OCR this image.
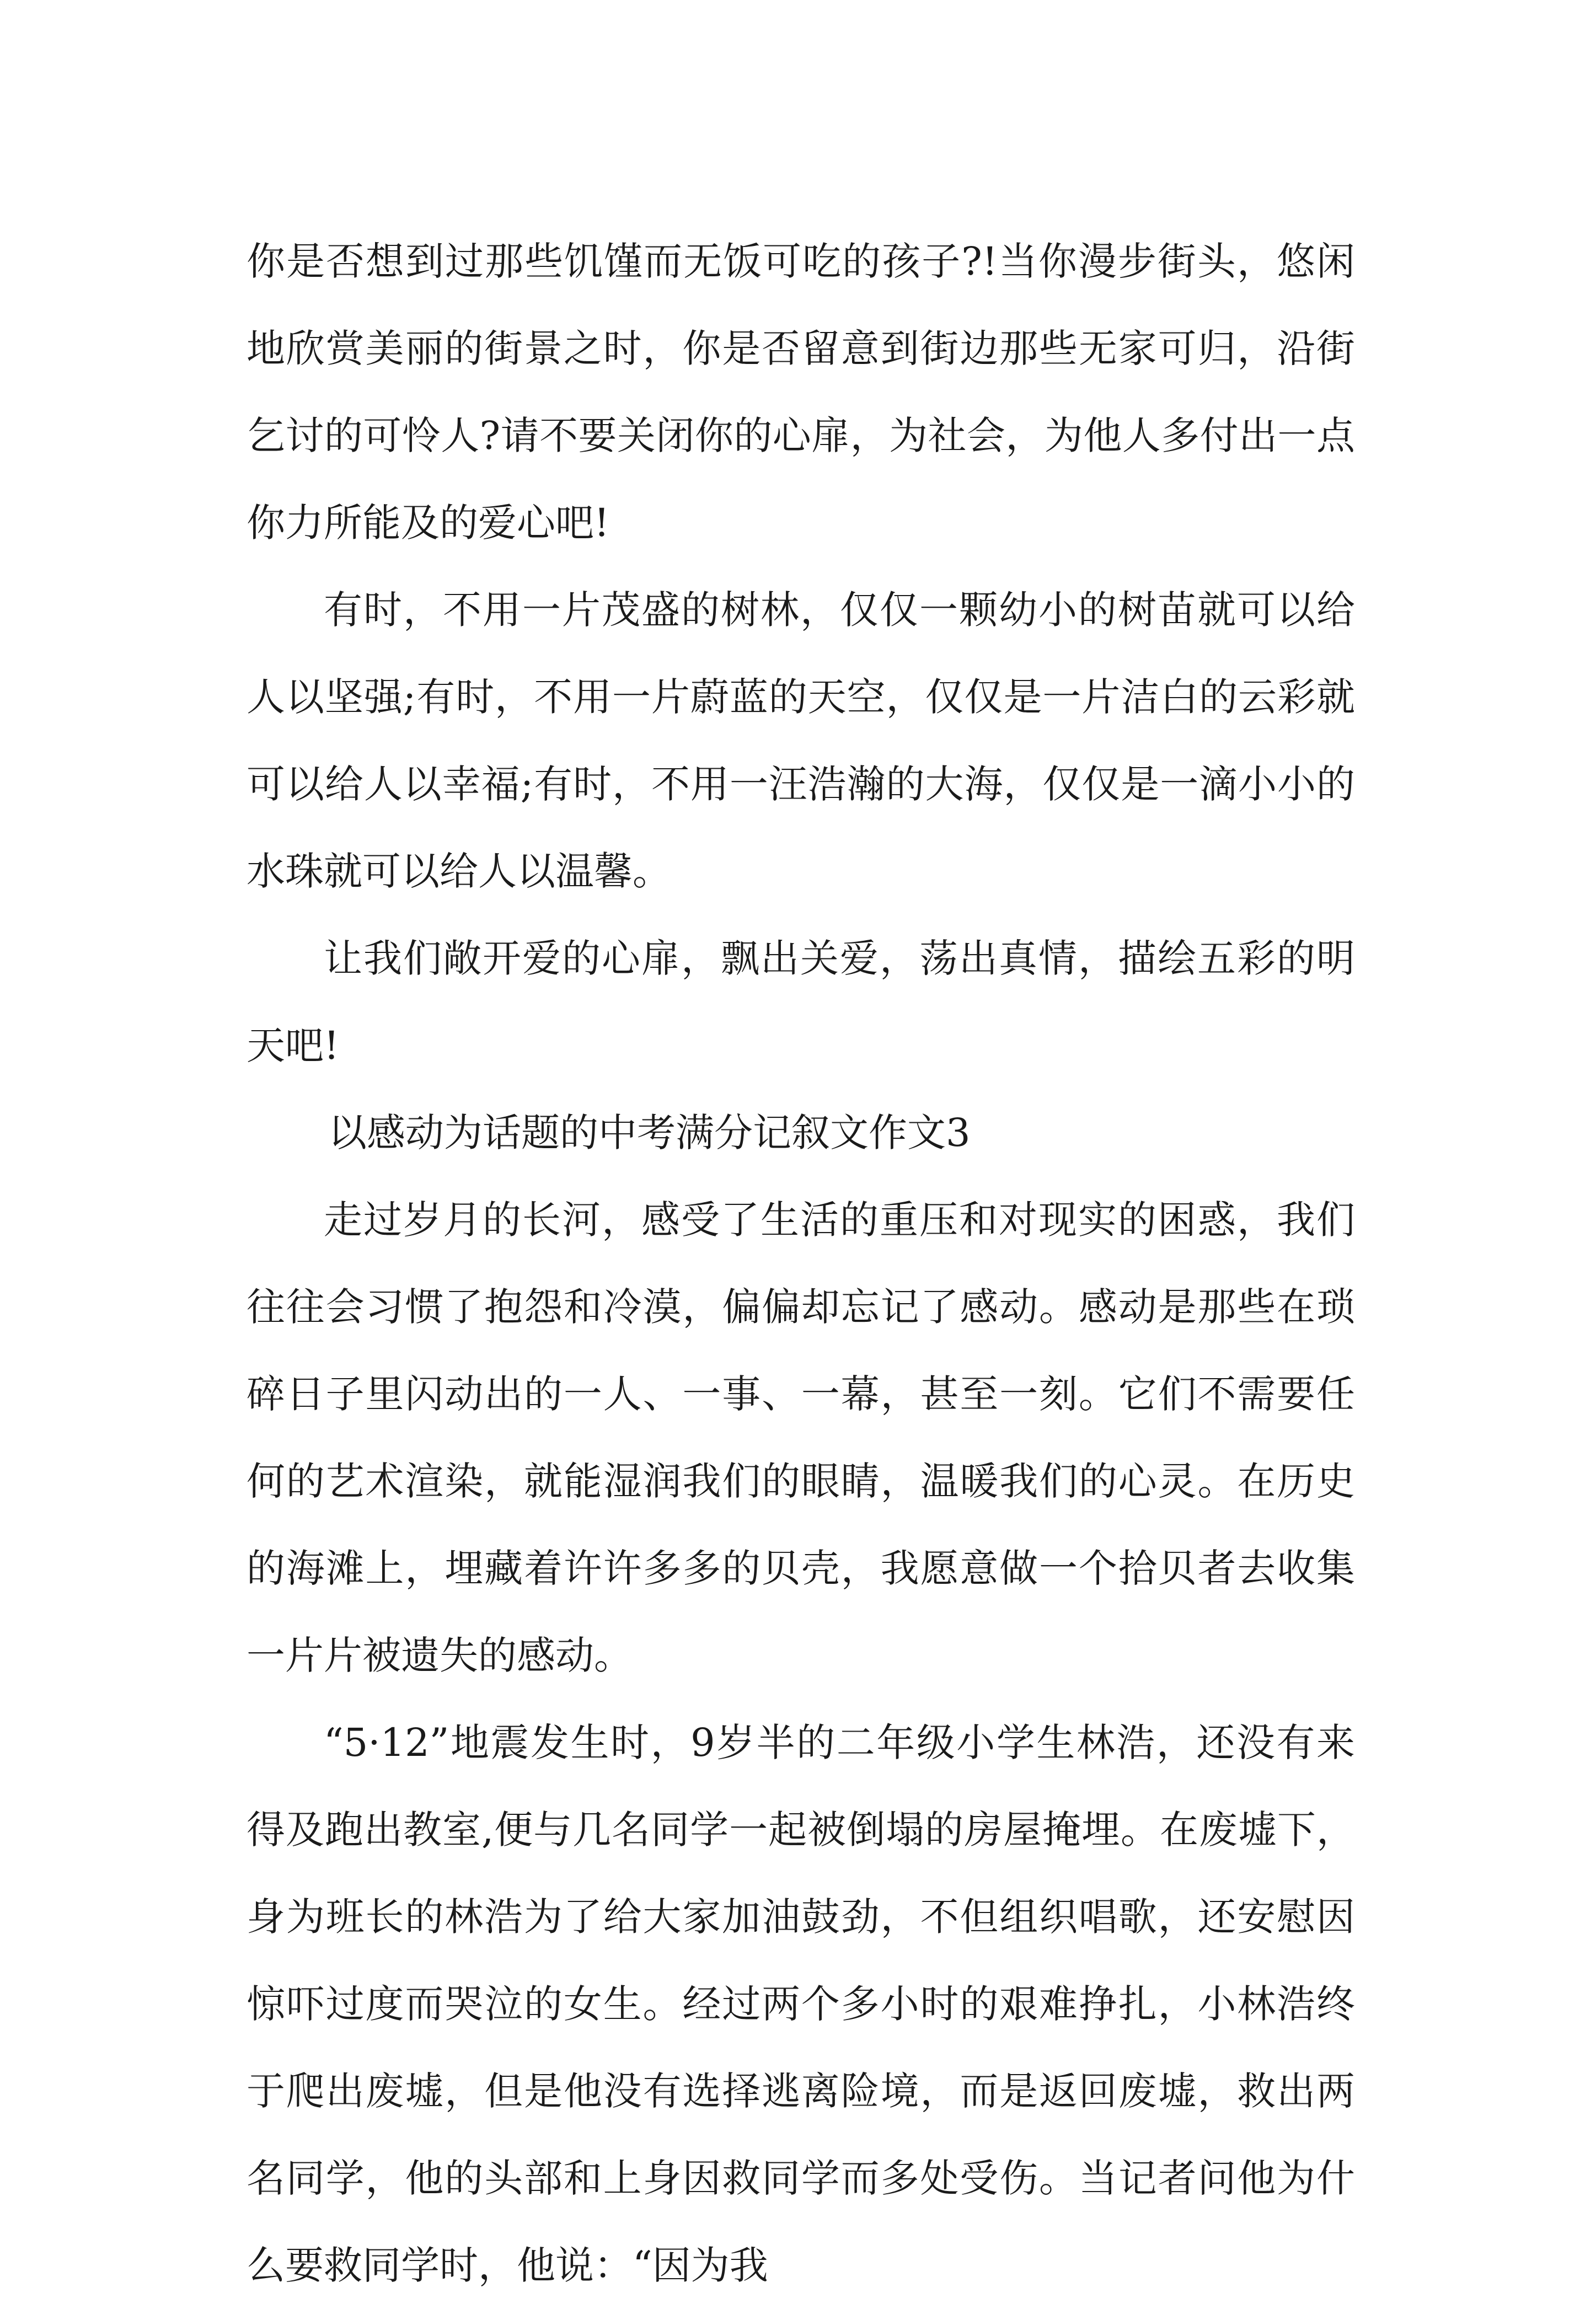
你是否想到过那些饥馑而无饭可吃的孩子?!当你漫步街头，悠闲地欣赏美丽的街景之时，你是否留意到街边那些无家可归，沿街乞讨的可怜人?请不要关闭你的心扉，为社会，为他人多付出一点你力所能及的爱心吧!

有时，不用一片茂盛的树林，仅仅一颗幼小的树苗就可以给人以坚强;有时，不用一片蔚蓝的天空，仅仅是一片洁白的云彩就可以给人以幸福;有时，不用一汪浩瀚的大海，仅仅是一滴小小的水珠就可以给人以温馨。

让我们敞开爱的心扉，飘出关爱，荡出真情，描绘五彩的明天吧!

以感动为话题的中考满分记叙文作文3

走过岁月的长河，感受了生活的重压和对现实的困惑，我们往往会习惯了抱怨和冷漠，偏偏却忘记了感动。感动是那些在琐碎日子里闪动出的一人、一事、一幕，甚至一刻。它们不需要任何的艺术渲染，就能湿润我们的眼睛，温暖我们的心灵。在历史的海滩上，埋藏着许许多多的贝壳，我愿意做一个拾贝者去收集一片片被遗失的感动。

“5·12”地震发生时，9岁半的二年级小学生林浩，还没有来得及跑出教室,便与几名同学一起被倒塌的房屋掩埋。在废墟下，身为班长的林浩为了给大家加油鼓劲，不但组织唱歌，还安慰因惊吓过度而哭泣的女生。经过两个多小时的艰难挣扎，小林浩终于爬出废墟，但是他没有选择逃离险境，而是返回废墟，救出两名同学，他的头部和上身因救同学而多处受伤。当记者问他为什么要救同学时，他说：“因为我
